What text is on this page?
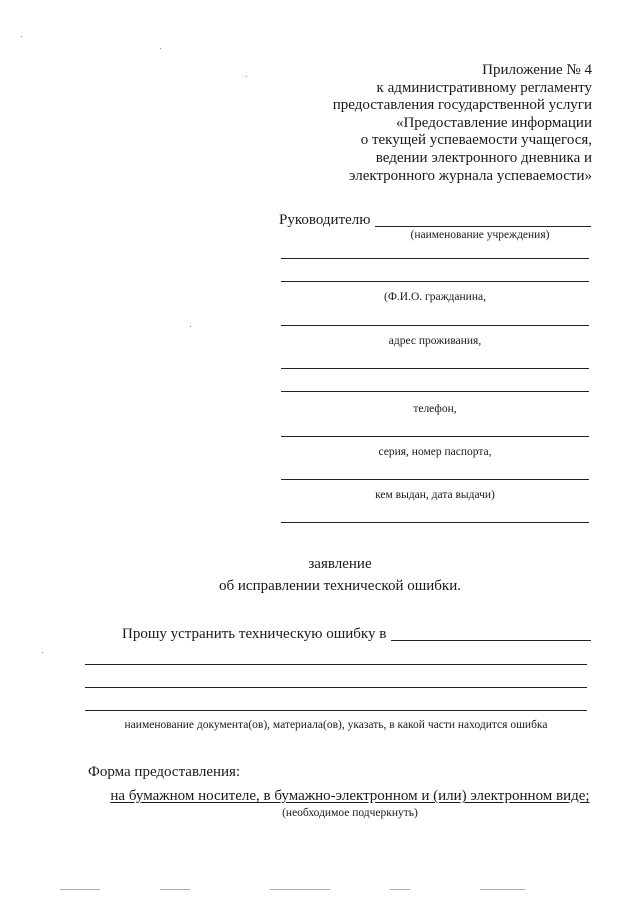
Приложение № 4
к административному регламенту
предоставления государственной услуги
«Предоставление информации
о текущей успеваемости учащегося,
ведении электронного дневника и
электронного журнала успеваемости»
Руководителю
(наименование учреждения)
(Ф.И.О. гражданина,
адрес проживания,
телефон,
серия, номер паспорта,
кем выдан, дата выдачи)
заявление
об исправлении технической ошибки.
Прошу устранить техническую ошибку в
наименование документа(ов), материала(ов), указать, в какой части находится ошибка
Форма предоставления:
на бумажном носителе, в бумажно-электронном и (или) электронном виде;
(необходимое подчеркнуть)
